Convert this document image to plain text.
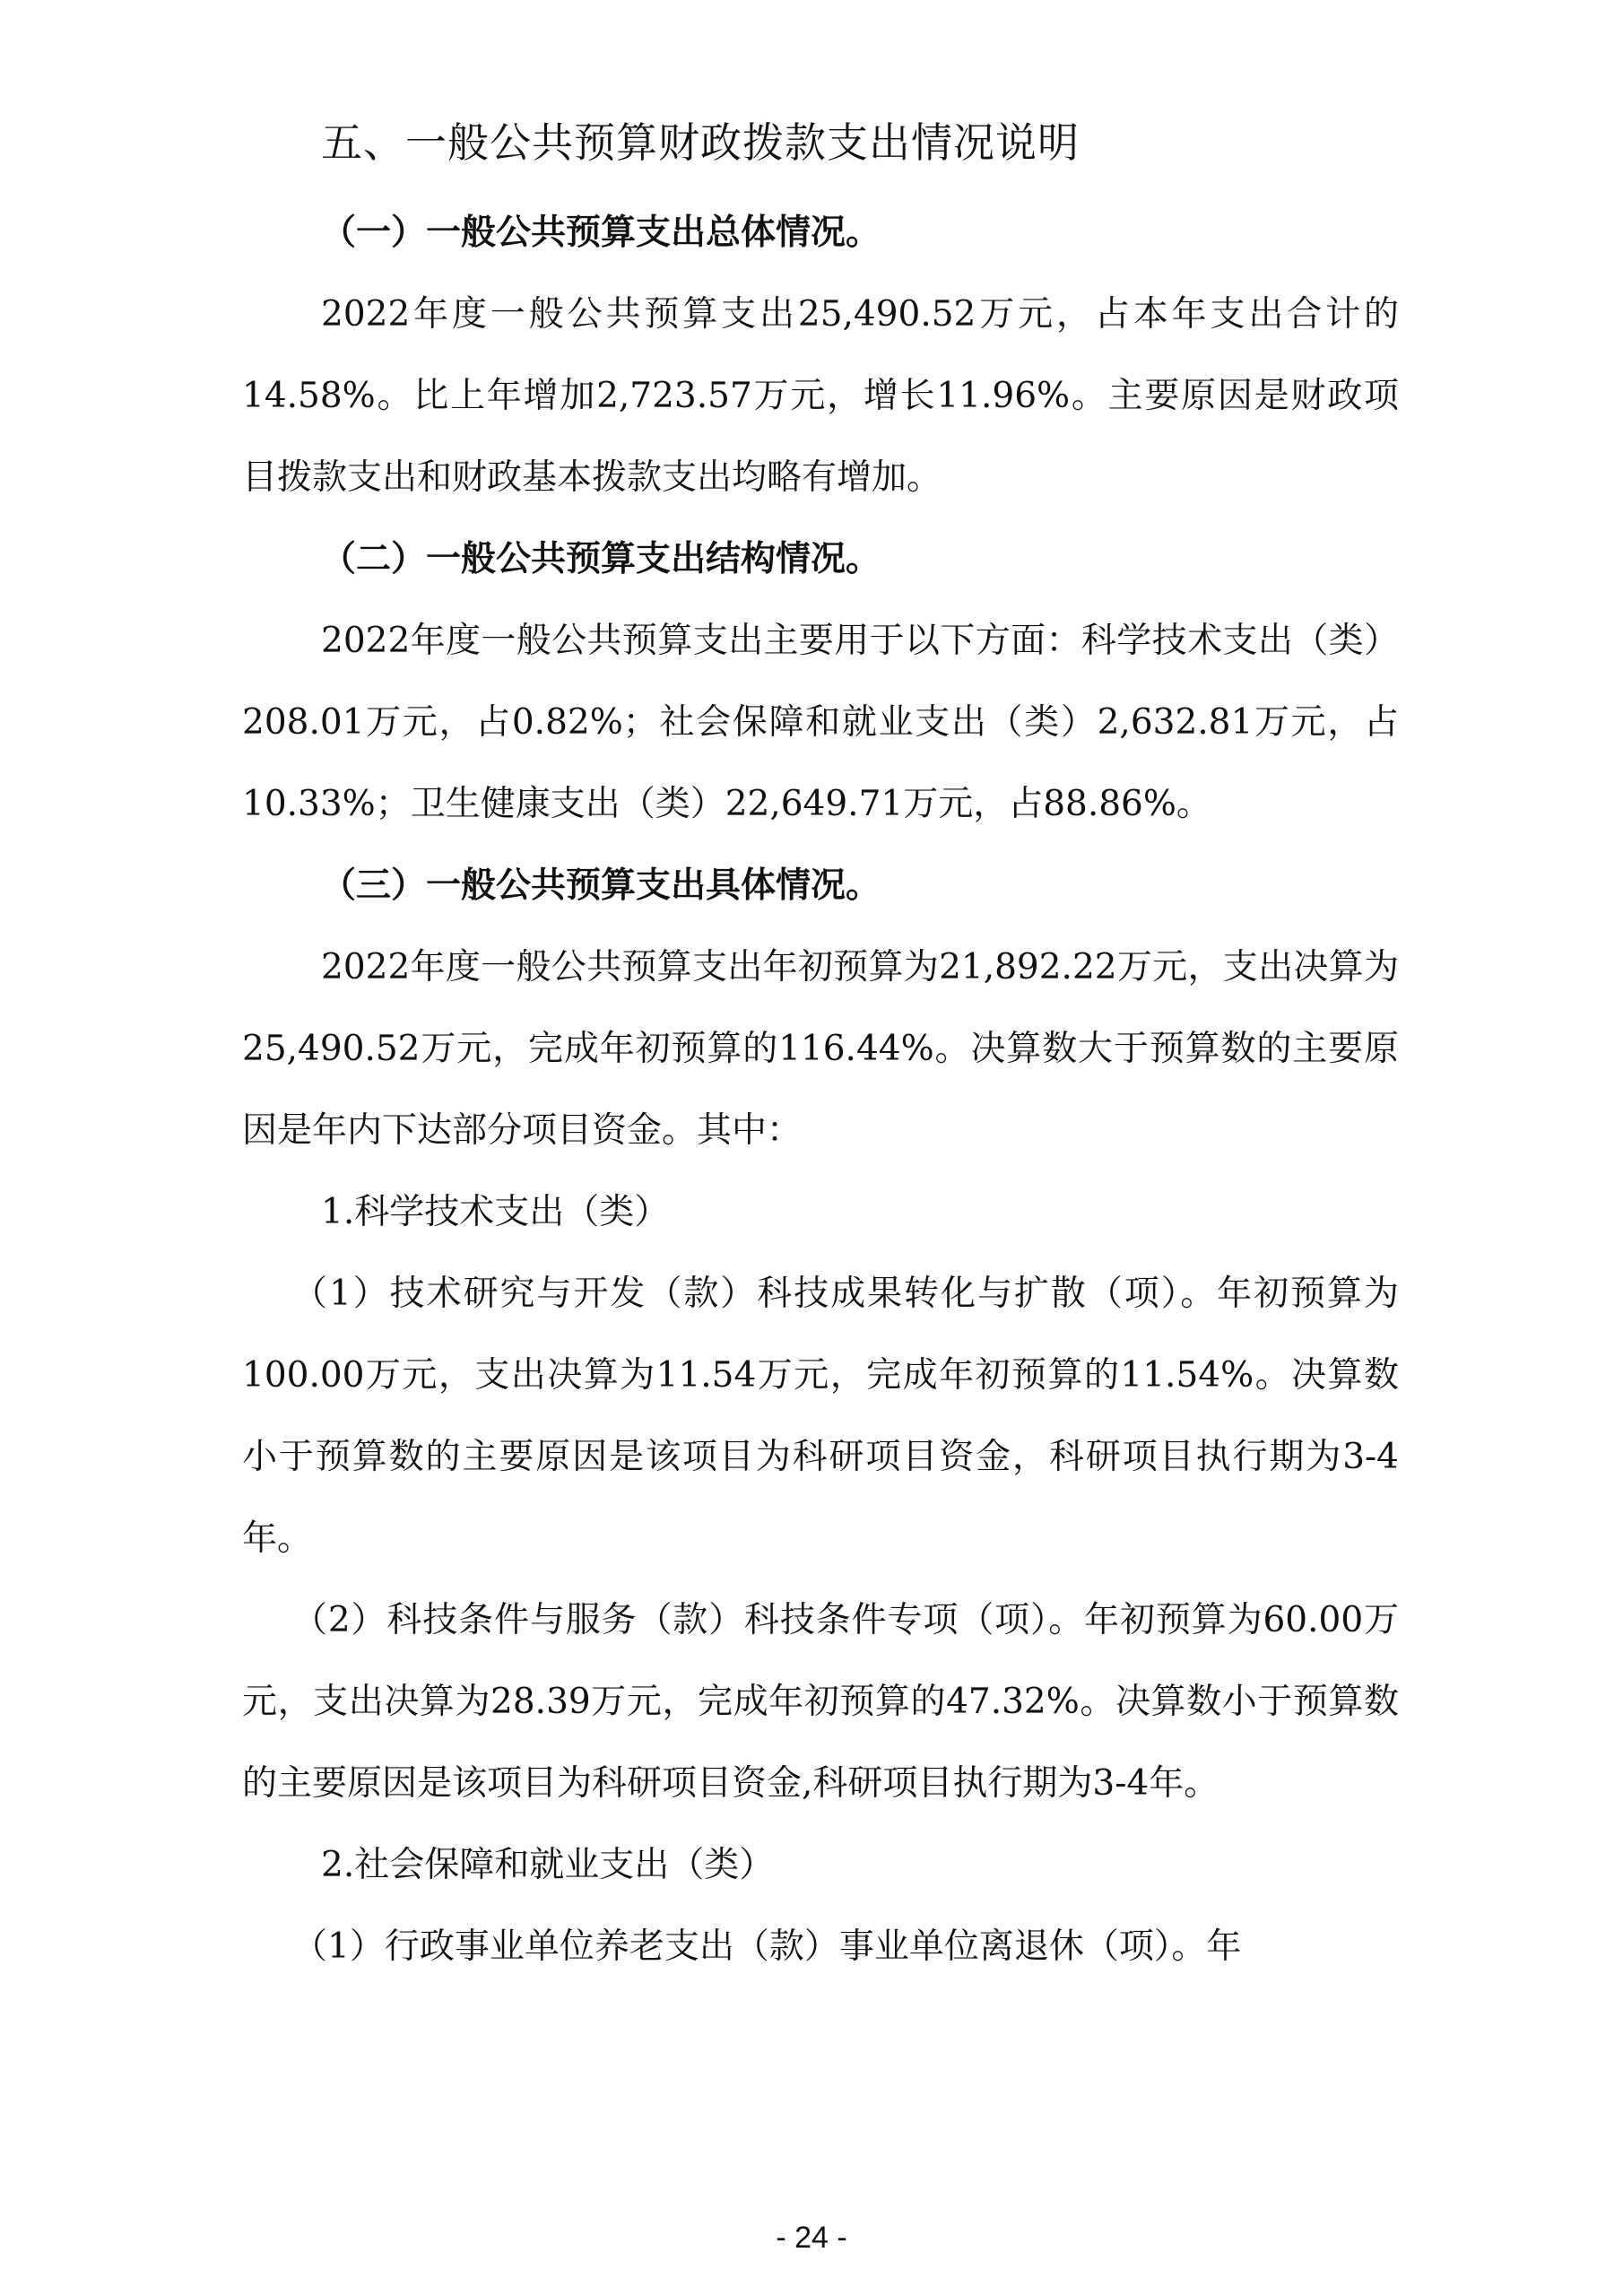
五、一般公共预算财政拨款支出情况说明

（一）一般公共预算支出总体情况。

2022年度一般公共预算支出25,490.52万元，占本年支出合计的14.58%。比上年增加2,723.57万元，增长11.96%。主要原因是财政项目拨款支出和财政基本拨款支出均略有增加。

（二）一般公共预算支出结构情况。

2022年度一般公共预算支出主要用于以下方面：科学技术支出（类）208.01万元，占0.82%；社会保障和就业支出（类）2,632.81万元，占10.33%；卫生健康支出（类）22,649.71万元，占88.86%。

（三）一般公共预算支出具体情况。

2022年度一般公共预算支出年初预算为21,892.22万元，支出决算为25,490.52万元，完成年初预算的116.44%。决算数大于预算数的主要原因是年内下达部分项目资金。其中：

1.科学技术支出（类）

（1）技术研究与开发（款）科技成果转化与扩散（项）。年初预算为100.00万元，支出决算为11.54万元，完成年初预算的11.54%。决算数小于预算数的主要原因是该项目为科研项目资金，科研项目执行期为3-4年。

（2）科技条件与服务（款）科技条件专项（项）。年初预算为60.00万元，支出决算为28.39万元，完成年初预算的47.32%。决算数小于预算数的主要原因是该项目为科研项目资金,科研项目执行期为3-4年。

2.社会保障和就业支出（类）

（1）行政事业单位养老支出（款）事业单位离退休（项）。年

- 24 -
